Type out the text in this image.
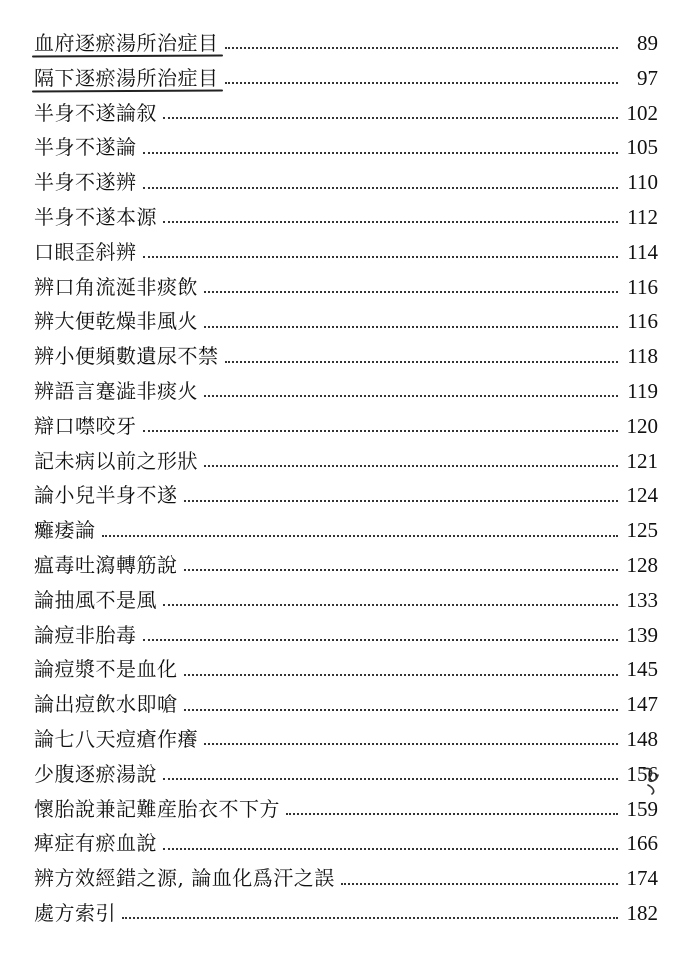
血府逐瘀湯所治症目	89
隔下逐瘀湯所治症目	97
半身不遂論叙	102
半身不遂論	105
半身不遂辨	110
半身不遂本源	112
口眼歪斜辨	114
辨口角流涎非痰飲	116
辨大便乾燥非風火	116
辨小便頻數遺尿不禁	118
辨語言蹇澁非痰火	119
辯口噤咬牙	120
記未病以前之形狀	121
論小兒半身不遂	124
癱痿論	125
瘟毒吐瀉轉筋說	128
論抽風不是風	133
論痘非胎毒	139
論痘漿不是血化	145
論出痘飲水即嗆	147
論七八天痘瘡作癢	148
少腹逐瘀湯說	156
懷胎說兼記難産胎衣不下方	159
痺症有瘀血說	166
辨方效經錯之源, 論血化爲汗之誤	174
處方索引	182
